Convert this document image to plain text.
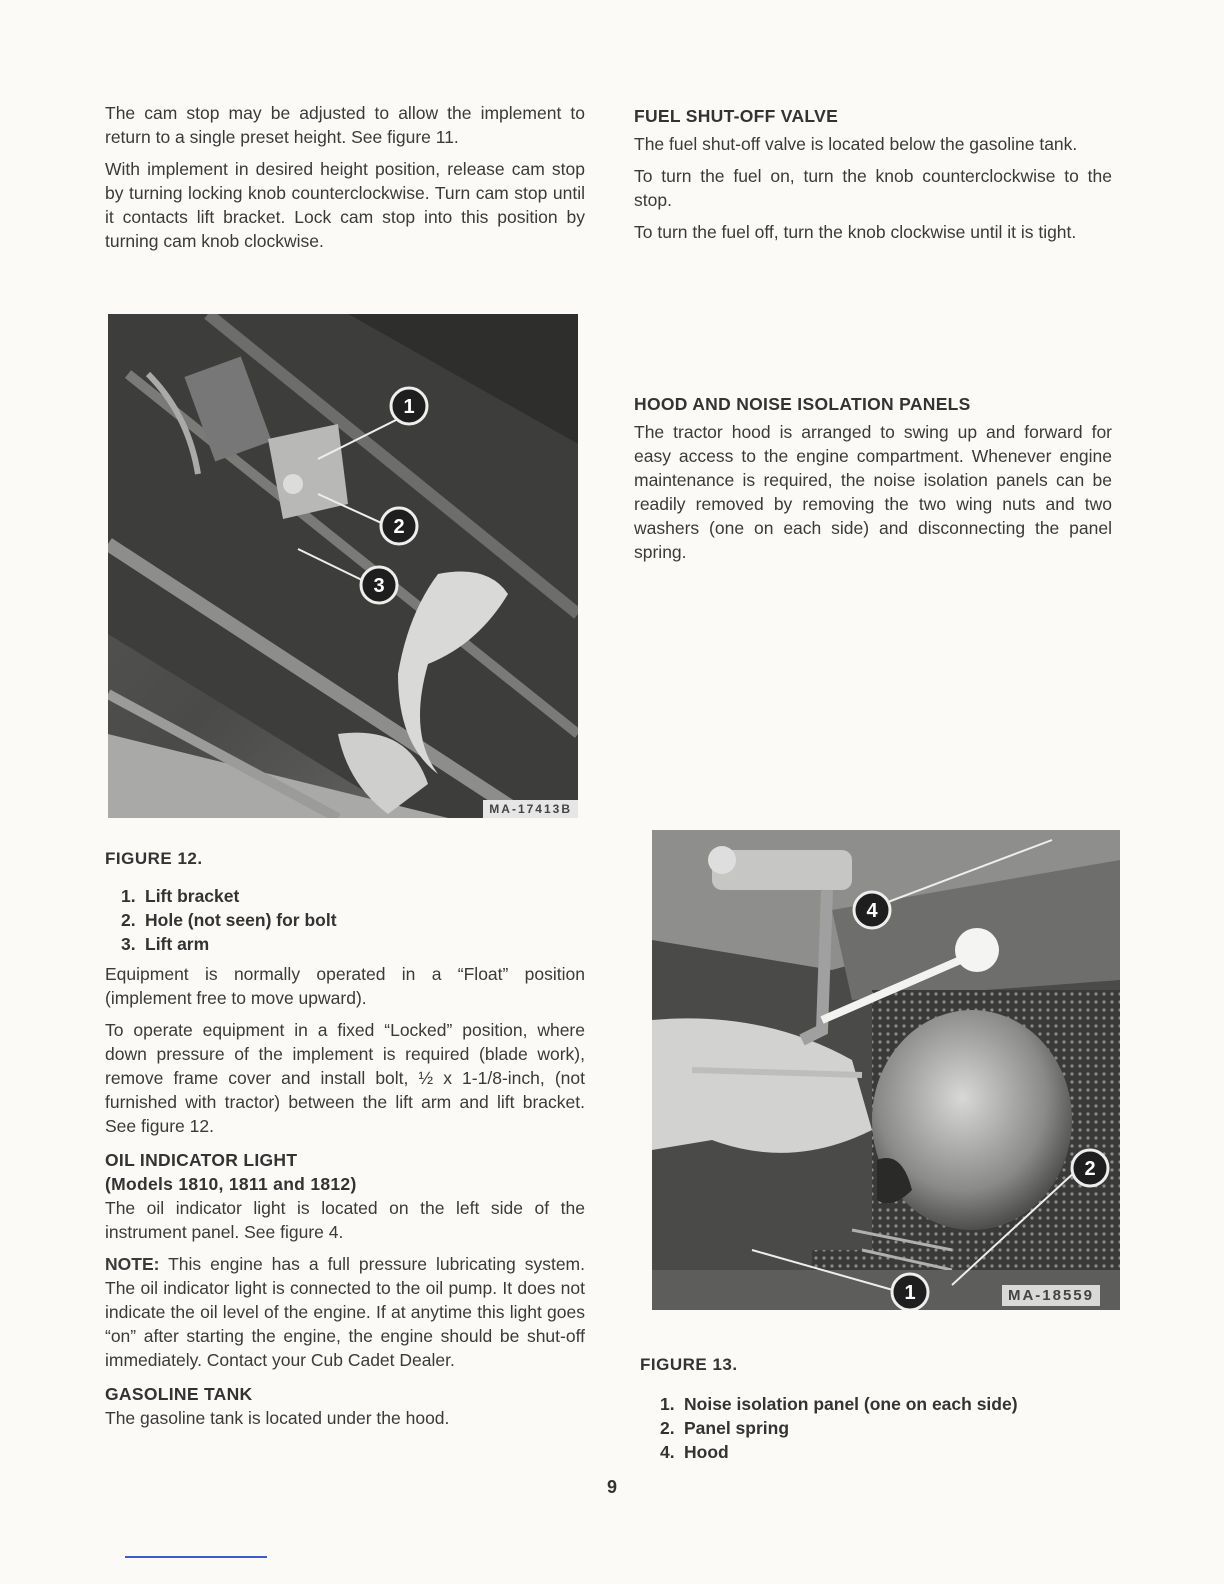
The cam stop may be adjusted to allow the implement to return to a single preset height. See figure 11.

With implement in desired height position, release cam stop by turning locking knob counterclockwise. Turn cam stop until it contacts lift bracket. Lock cam stop into this position by turning cam knob clockwise.

1
2
3
MA-17413B
FIGURE 12.
1. Lift bracket
2. Hole (not seen) for bolt
3. Lift arm

Equipment is normally operated in a “Float” position (implement free to move upward).

To operate equipment in a fixed “Locked” position, where down pressure of the implement is required (blade work), remove frame cover and install bolt, ½ x 1-1/8-inch, (not furnished with tractor) between the lift arm and lift bracket. See figure 12.

OIL INDICATOR LIGHT
(Models 1810, 1811 and 1812)

The oil indicator light is located on the left side of the instrument panel. See figure 4.

NOTE: This engine has a full pressure lubricating system. The oil indicator light is connected to the oil pump. It does not indicate the oil level of the engine. If at anytime this light goes “on” after starting the engine, the engine should be shut-off immediately. Contact your Cub Cadet Dealer.

GASOLINE TANK

The gasoline tank is located under the hood.

FUEL SHUT-OFF VALVE

The fuel shut-off valve is located below the gasoline tank.

To turn the fuel on, turn the knob counterclockwise to the stop.

To turn the fuel off, turn the knob clockwise until it is tight.

HOOD AND NOISE ISOLATION PANELS

The tractor hood is arranged to swing up and forward for easy access to the engine compartment. Whenever engine maintenance is required, the noise isolation panels can be readily removed by removing the two wing nuts and two washers (one on each side) and disconnecting the panel spring.

4
2
1	MA-18559
FIGURE 13.
1. Noise isolation panel (one on each side)
2. Panel spring
4. Hood
9
